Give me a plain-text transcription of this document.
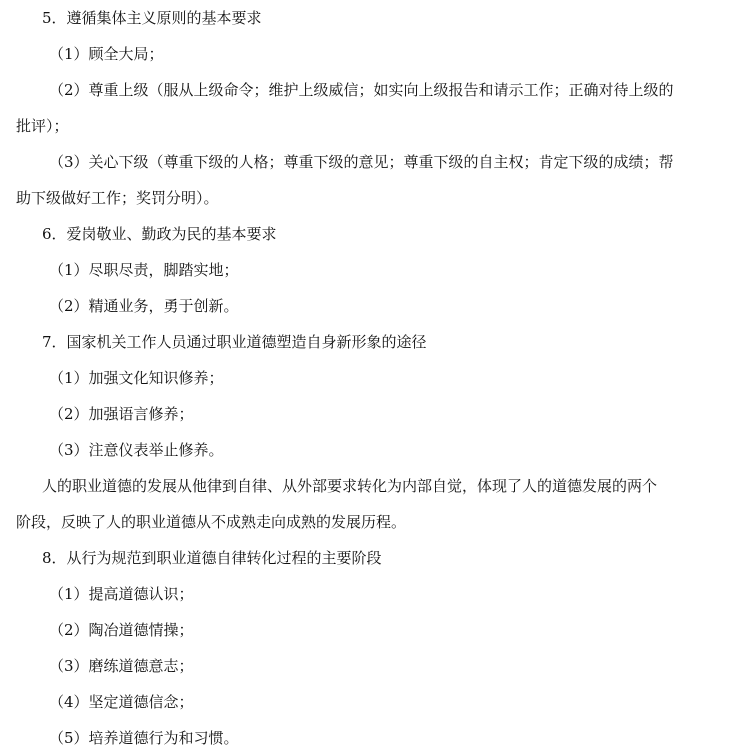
5．遵循集体主义原则的基本要求
（1）顾全大局；
（2）尊重上级（服从上级命令；维护上级威信；如实向上级报告和请示工作；正确对待上级的
批评）；
（3）关心下级（尊重下级的人格；尊重下级的意见；尊重下级的自主权；肯定下级的成绩；帮
助下级做好工作；奖罚分明）。
6．爱岗敬业、勤政为民的基本要求
（1）尽职尽责，脚踏实地；
（2）精通业务，勇于创新。
7．国家机关工作人员通过职业道德塑造自身新形象的途径
（1）加强文化知识修养；
（2）加强语言修养；
（3）注意仪表举止修养。
人的职业道德的发展从他律到自律、从外部要求转化为内部自觉，体现了人的道德发展的两个
阶段，反映了人的职业道德从不成熟走向成熟的发展历程。
8．从行为规范到职业道德自律转化过程的主要阶段
（1）提高道德认识；
（2）陶冶道德情操；
（3）磨练道德意志；
（4）坚定道德信念；
（5）培养道德行为和习惯。
